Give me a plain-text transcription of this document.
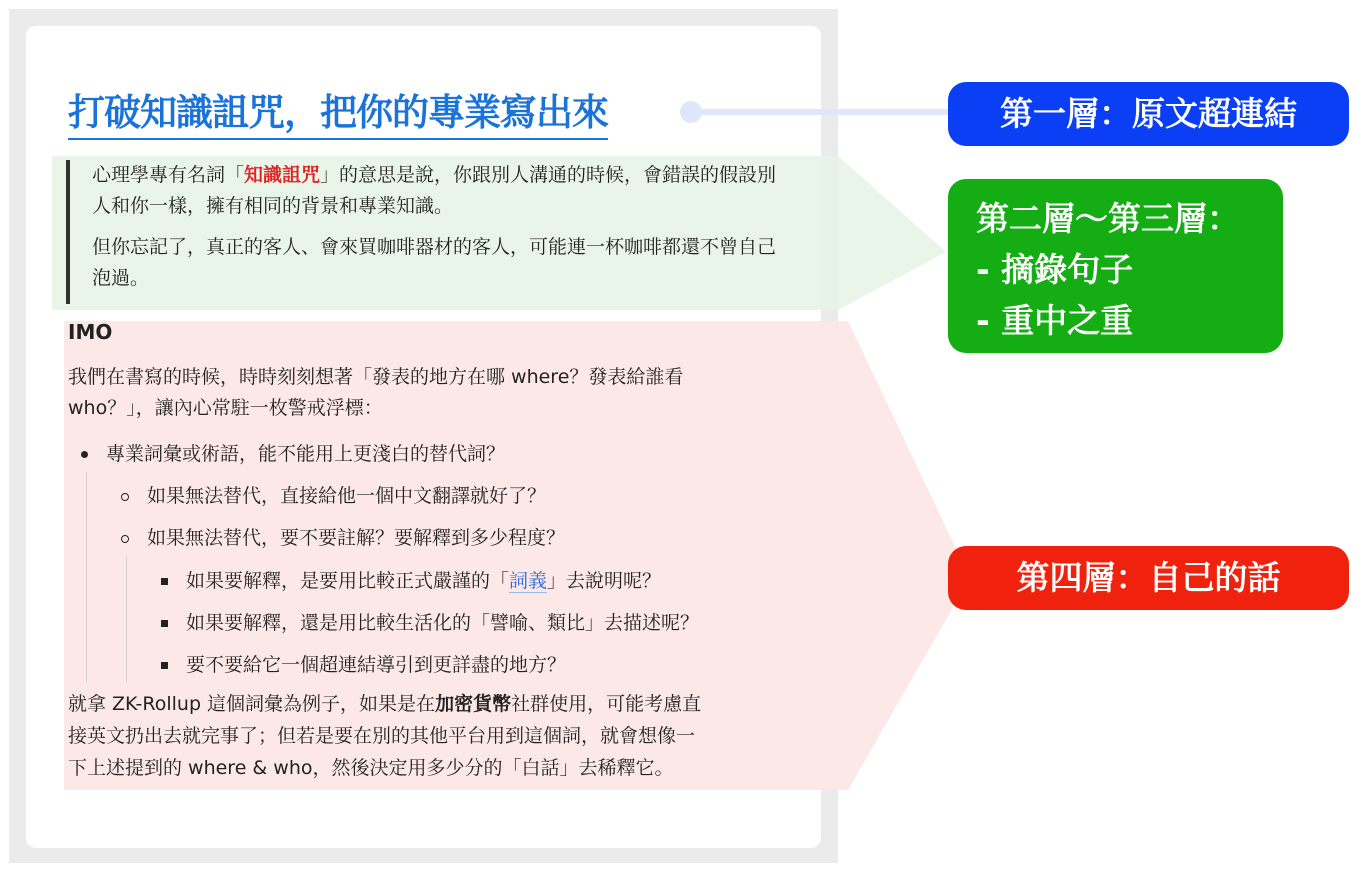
打破知識詛咒，把你的專業寫出來

心理學專有名詞「知識詛咒」的意思是說，你跟別人溝通的時候，會錯誤的假設別人和你一樣，擁有相同的背景和專業知識。

但你忘記了，真正的客人、會來買咖啡器材的客人，可能連一杯咖啡都還不曾自己泡過。

IMO
我們在書寫的時候，時時刻刻想著「發表的地方在哪 where？發表給誰看
who？」，讓內心常駐一枚警戒浮標：
專業詞彙或術語，能不能用上更淺白的替代詞？
如果無法替代，直接給他一個中文翻譯就好了？
如果無法替代，要不要註解？要解釋到多少程度？
如果要解釋，是要用比較正式嚴謹的「詞義」去說明呢？
如果要解釋，還是用比較生活化的「譬喻、類比」去描述呢？
要不要給它一個超連結導引到更詳盡的地方？
就拿 ZK-Rollup 這個詞彙為例子，如果是在加密貨幣社群使用，可能考慮直
接英文扔出去就完事了；但若是要在別的其他平台用到這個詞，就會想像一
下上述提到的 where & who，然後決定用多少分的「白話」去稀釋它。
第一層：原文超連結
第二層～第三層：
- 摘錄句子
- 重中之重
第四層：自己的話
